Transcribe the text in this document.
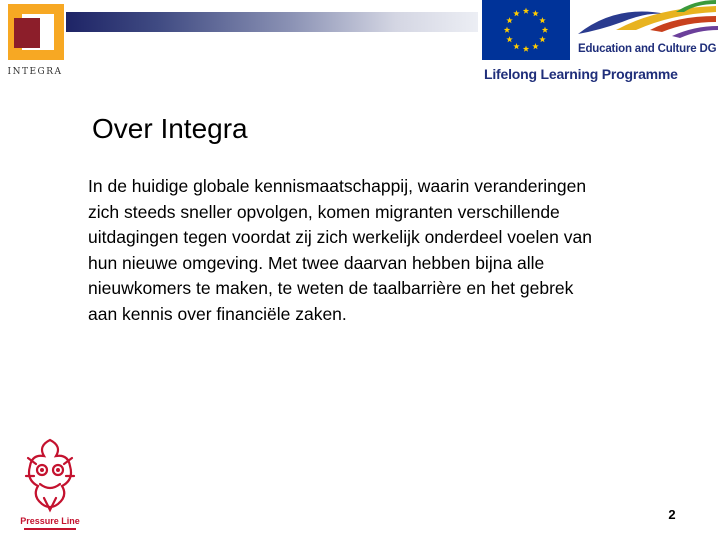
INTEGRA
Education and Culture DG
Lifelong Learning Programme
Over Integra

In de huidige globale kennismaatschappij, waarin veranderingen
zich steeds sneller opvolgen, komen migranten verschillende
uitdagingen tegen voordat zij zich werkelijk onderdeel voelen van
hun nieuwe omgeving. Met twee daarvan hebben bijna alle
nieuwkomers te maken, te weten de taalbarrière en het gebrek
aan kennis over financiële zaken.

Pressure Line	2
